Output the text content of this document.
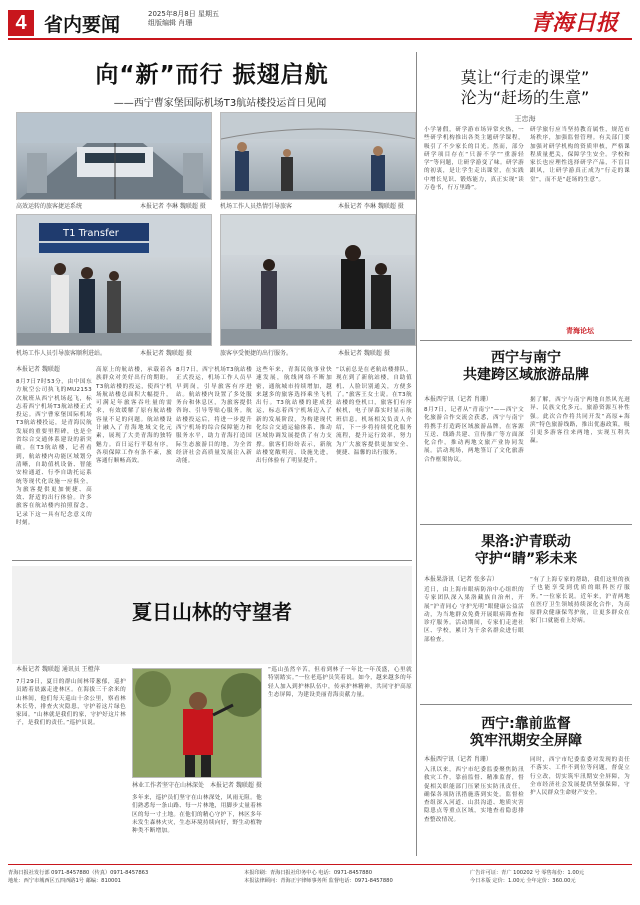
4 省内要闻	2025年8月8日 星期五
组版编辑 肖珊	青海日报
向“新”而行 振翅启航
——西宁曹家堡国际机场T3航站楼投运首日见闻
高效运转的旅客捷运系统	本报记者 李琳 魏联超 摄 机场工作人员热情引导旅客	本报记者 李琳 魏联超 摄
T1 Transfer
机场工作人员引导旅客顺利进站。	本报记者 魏联超 摄	旅客享受便捷的出行服务。	本报记者 魏联超 摄
本报记者 魏联超
8月7日7时53分，由中国东方航空公司执飞的MU2153次航班从西宁机场起飞，标志着西宁机场T3航站楼正式投运。西宁曹家堡国际机场T3航站楼投运，是青海民航发展的重要里程碑，也是全省综合交通体系建设的新突破。在T3航站楼，记者看到，航站楼内功能区域划分清晰，自助值机设备、智能安检通道、行李自助托运系统等现代化设施一应俱全，为旅客提供更加便捷、高效、舒适的出行体验。许多旅客在航站楼内拍照留念，记录下这一具有纪念意义的时刻。
高原上的航站楼，承载着各族群众对美好出行的期盼。T3航站楼的投运，使西宁机场航站楼总面积大幅提升，可满足年旅客吞吐量的需求，有效缓解了原有航站楼容量不足的问题。航站楼设计融入了青海地域文化元素，展现了大美青海的独特魅力。首日运行平稳有序，各项保障工作有条不紊，旅客通行顺畅高效。
8月7日，西宁机场T3航站楼正式投运，机场工作人员早早到岗，引导旅客有序进站。航站楼内设置了多处服务台和休息区，为旅客提供咨询、引导等贴心服务。航站楼投运后，将进一步提升西宁机场的综合保障能力和服务水平，助力青海打造国际生态旅游目的地，为全省经济社会高质量发展注入新动能。
这些年来，青海民航事业快速发展，航线网络不断加密，通航城市持续增加，越来越多的旅客选择乘坐飞机出行。T3航站楼的建成投运，标志着西宁机场迈入了新的发展阶段，为构建现代化综合交通运输体系、推动区域协调发展提供了有力支撑。旅客们纷纷表示，新航站楼宽敞明亮、设施先进，出行体验有了明显提升。
“以前总是在老航站楼排队，现在到了新航站楼，自助值机、人脸识别通关，方便多了。”旅客王女士说。在T3航站楼的登机口，旅客们有序候机，电子屏幕实时显示航班信息。机场相关负责人介绍，下一步将持续优化服务流程，提升运行效率，努力为广大旅客提供更加安全、便捷、温馨的出行服务。
莫让“行走的课堂”
沦为“赶场的生意”
王忠海
小学暑假，研学游市场异常火热，一些研学机构推出各类主题研学课程，吸引了不少家长的目光。然而，部分研学项目存在“只游不学”“重游轻学”等问题，让研学游变了味。研学游的初衷，是让学生走出课堂，在实践中增长见识、锻炼能力，真正实现“读万卷书，行万里路”。
研学旅行应当坚持教育属性，规范市场秩序，加强监督管理。有关部门要加强对研学机构的资质审核，严格课程质量把关，保障学生安全。学校和家长也应理性选择研学产品，不盲目跟风，让研学游真正成为“行走的课堂”，而不是“赶场的生意”。
青海论坛
西宁与南宁
共建跨区域旅游品牌
本报西宁讯（记者 肖珊）
8月7日，记者从“青南宁”——西宁文化旅游合作交流会获悉，西宁与南宁将携手打造跨区域旅游品牌，在客源互送、线路共建、宣传推广等方面深化合作，推动两地文旅产业协同发展。活动现场，两地签订了文化旅游合作框架协议。
据了解，西宁与南宁两地自然风光迥异、民族文化多元，旅游资源互补性强。此次合作将共同开发“高原+海滨”特色旅游线路，推出优惠政策，吸引更多游客往来两地，实现互利共赢。
果洛:沪青联动
守护“睛”彩未来
本报果洛讯（记者 张多吉）
近日，由上海市眼病防治中心组织的专家团队深入果洛藏族自治州，开展“沪青同心 守护光明”眼健康公益活动，为当地群众免费开展眼病筛查和诊疗服务。活动期间，专家们走进社区、学校，累计为千余名群众进行眼部检查。
“有了上海专家的帮助，我们这里的孩子也能享受到优质的眼科医疗服务。”一位家长说。近年来，沪青两地在医疗卫生领域持续深化合作，为高原群众健康保驾护航，让更多群众在家门口就能看上好病。
西宁:靠前监督
筑牢汛期安全屏障
本报西宁讯（记者 肖珊）
入汛以来，西宁市纪委监委聚焦防汛救灾工作，靠前监督、精准监督，督促相关职能部门压紧压实防汛责任，确保各项防汛措施落到实处。监督检查组深入河道、山洪沟道、地质灾害隐患点等重点区域，实地查看隐患排查整改情况。
同时，西宁市纪委监委对发现的责任不落实、工作不到位等问题，督促立行立改，切实筑牢汛期安全屏障，为全市经济社会发展提供坚强保障，守护人民群众生命财产安全。
夏日山林的守望者
本报记者 魏联超 通讯员 王橙萍
7月29日，夏日的群山间林带葱郁，巡护员踏着晨露走进林区。在海拔三千余米的山林间，他们每天巡山十余公里，察看林木长势，排查火灾隐患，守护着这片绿色家园。“山林就是我们的家，守护好这片林子，是我们的责任。”巡护员说。
林业工作者坚守在山林深处 本报记者 魏联超 摄
多年来，巡护员们坚守在山林深处，风雨无阻。他们熟悉每一条山路、每一片林地，用脚步丈量着林区的每一寸土地。在他们的精心守护下，林区多年未发生森林火灾，生态环境持续向好，野生动植物种类不断增加。
“巡山虽然辛苦，但看到林子一年比一年茂盛，心里就特别踏实。”一位老巡护员笑着说。如今，越来越多的年轻人加入到护林队伍中，传承护林精神，共同守护高原生态屏障，为建设美丽青海贡献力量。
青海日报社发行部 0971-8457880（传真）0971-8457863
地址：西宁市城西区五四西路1号 邮编：810001
本报印刷：青海日报社印务中心 电话：0971-8457880
本报法律顾问：青海正宇律师事务所 监督电话：0971-8457880
广告许可证：青广 100202 号 零售每份：1.00元
今日本版 定价：1.00元 全年定价：360.00元
